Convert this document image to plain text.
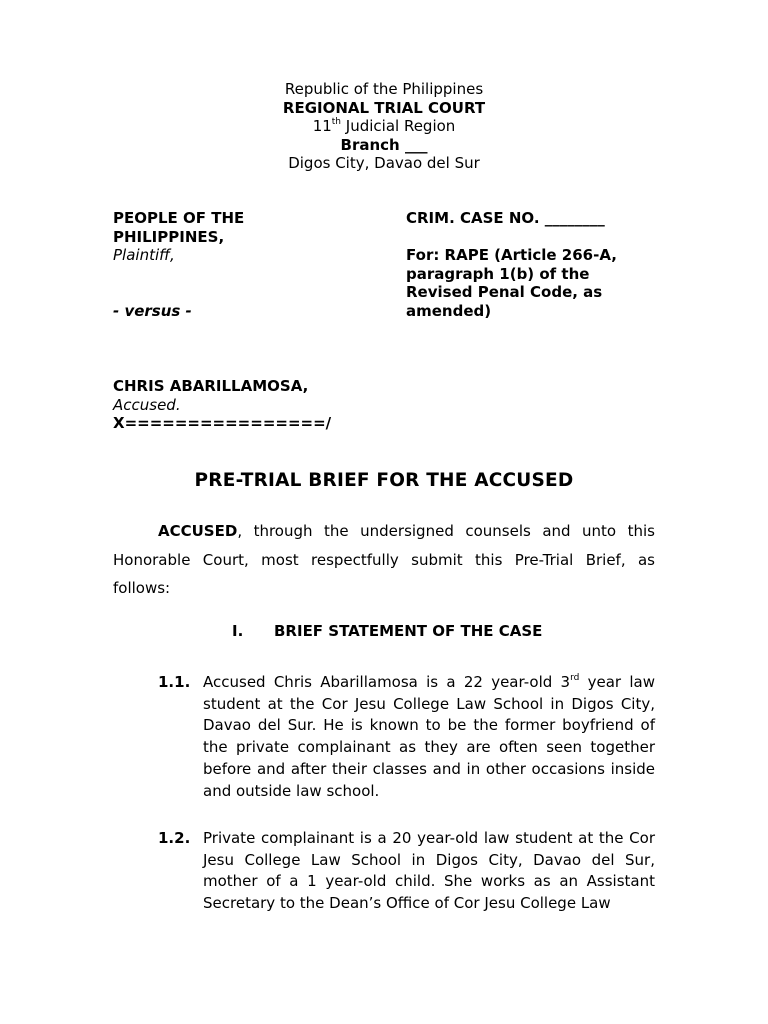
Republic of the Philippines
REGIONAL TRIAL COURT
11th Judicial Region
Branch ___
Digos City, Davao del Sur
PEOPLE OF THE
PHILIPPINES,
Plaintiff,
- versus -
CRIM. CASE NO. ________
For: RAPE (Article 266-A,
paragraph 1(b) of the
Revised Penal Code, as
amended)
CHRIS ABARILLAMOSA,
Accused.
X================/
PRE-TRIAL BRIEF FOR THE ACCUSED
ACCUSED, through the undersigned counsels and unto this Honorable Court, most respectfully submit this Pre-Trial Brief, as follows:
I. BRIEF STATEMENT OF THE CASE
1.1. Accused Chris Abarillamosa is a 22 year-old 3rd year law student at the Cor Jesu College Law School in Digos City, Davao del Sur. He is known to be the former boyfriend of the private complainant as they are often seen together before and after their classes and in other occasions inside and outside law school.
1.2. Private complainant is a 20 year-old law student at the Cor Jesu College Law School in Digos City, Davao del Sur, mother of a 1 year-old child. She works as an Assistant Secretary to the Dean’s Office of Cor Jesu College Law
